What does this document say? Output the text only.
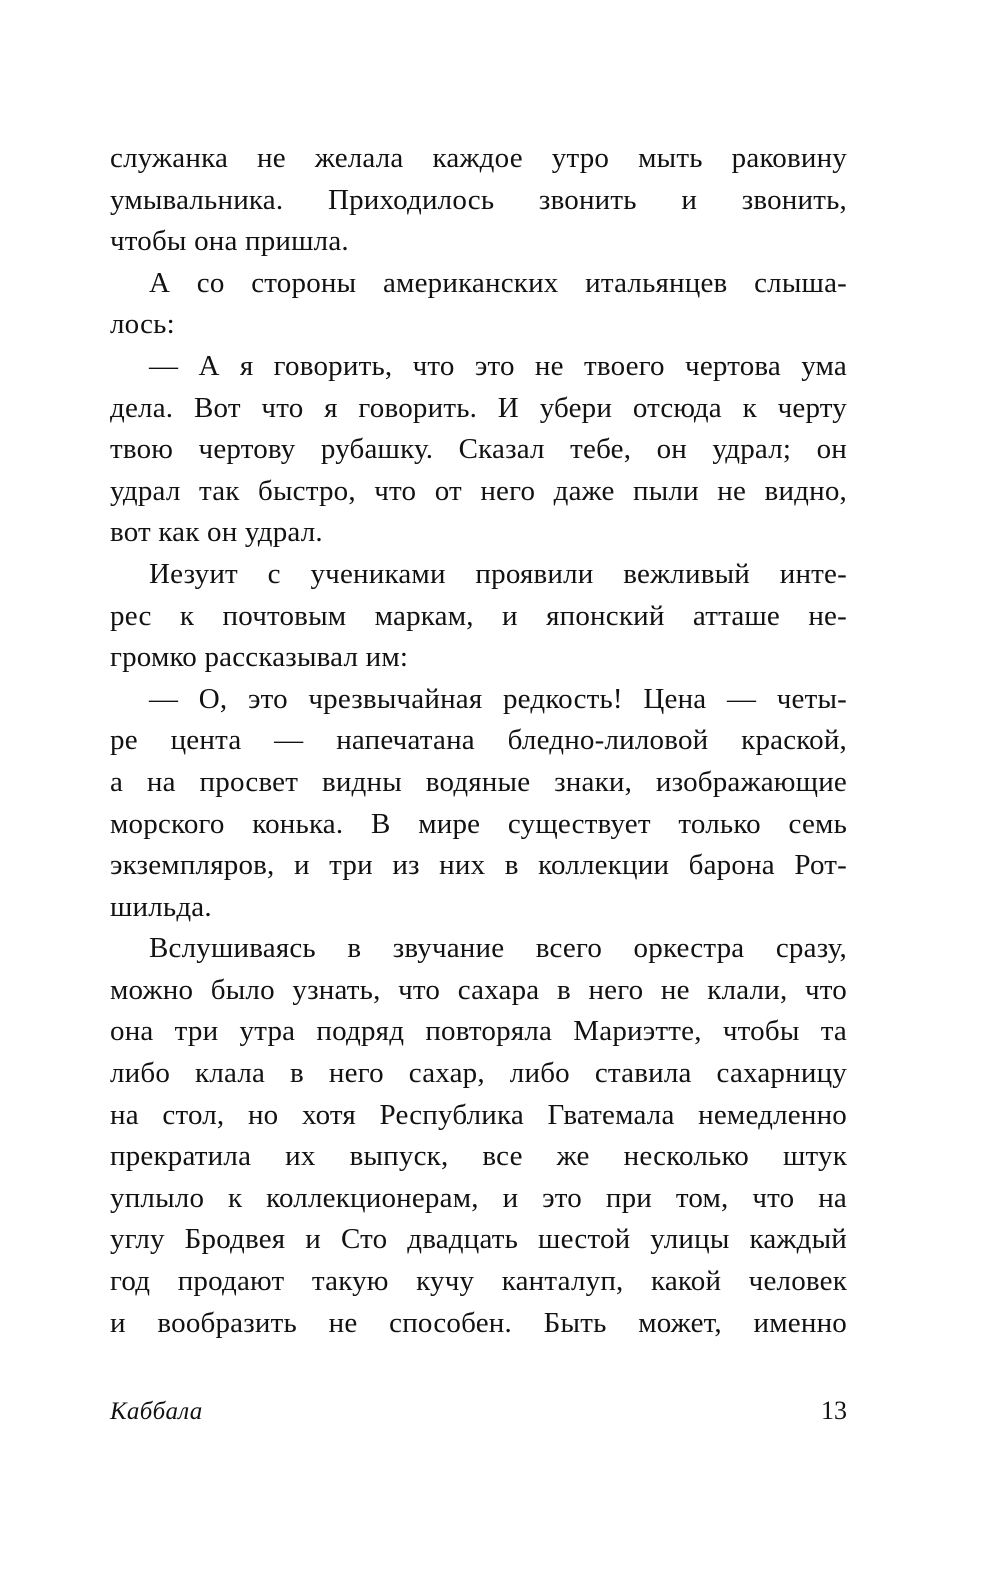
служанка не желала каждое утро мыть раковину
умывальника. Приходилось звонить и звонить,
чтобы она пришла.

А со стороны американских итальянцев слыша-
лось:

— А я говорить, что это не твоего чертова ума
дела. Вот что я говорить. И убери отсюда к черту
твою чертову рубашку. Сказал тебе, он удрал; он
удрал так быстро, что от него даже пыли не видно,
вот как он удрал.

Иезуит с учениками проявили вежливый инте-
рес к почтовым маркам, и японский атташе не-
громко рассказывал им:

— О, это чрезвычайная редкость! Цена — четы-
ре цента — напечатана бледно-лиловой краской,
а на просвет видны водяные знаки, изображающие
морского конька. В мире существует только семь
экземпляров, и три из них в коллекции барона Рот-
шильда.

Вслушиваясь в звучание всего оркестра сразу,
можно было узнать, что сахара в него не клали, что
она три утра подряд повторяла Мариэтте, чтобы та
либо клала в него сахар, либо ставила сахарницу
на стол, но хотя Республика Гватемала немедленно
прекратила их выпуск, все же несколько штук
уплыло к коллекционерам, и это при том, что на
углу Бродвея и Сто двадцать шестой улицы каждый
год продают такую кучу канталуп, какой человек
и вообразить не способен. Быть может, именно

Каббала	13
